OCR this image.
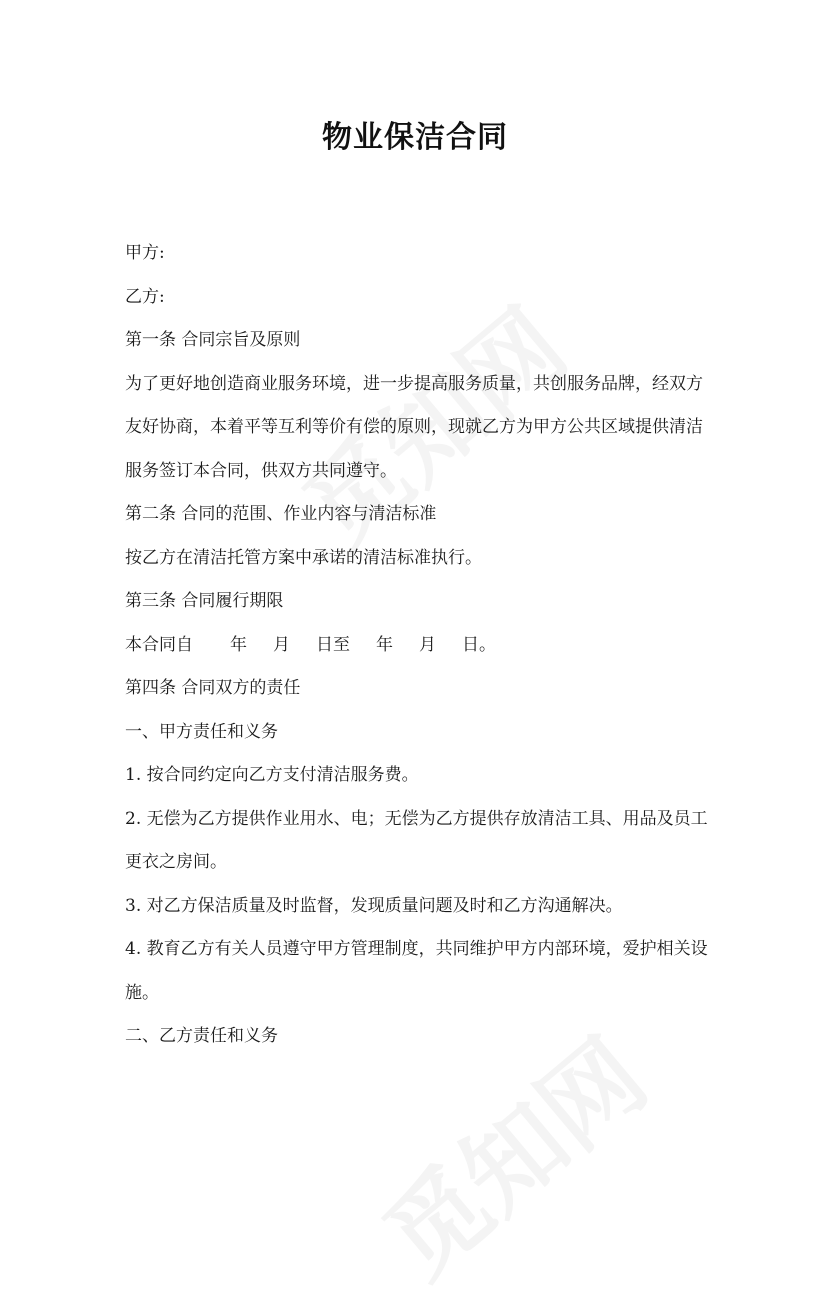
物业保洁合同
甲方:
乙方:
第一条 合同宗旨及原则
为了更好地创造商业服务环境，进一步提高服务质量，共创服务品牌，经双方
友好协商，本着平等互利等价有偿的原则，现就乙方为甲方公共区域提供清洁
服务签订本合同，供双方共同遵守。
第二条 合同的范围、作业内容与清洁标准
按乙方在清洁托管方案中承诺的清洁标准执行。
第三条 合同履行期限
本合同自 年 月 日至 年 月 日。
第四条 合同双方的责任
一、甲方责任和义务
1. 按合同约定向乙方支付清洁服务费。
2. 无偿为乙方提供作业用水、电；无偿为乙方提供存放清洁工具、用品及员工
更衣之房间。
3. 对乙方保洁质量及时监督，发现质量问题及时和乙方沟通解决。
4. 教育乙方有关人员遵守甲方管理制度，共同维护甲方内部环境，爱护相关设
施。
二、乙方责任和义务
